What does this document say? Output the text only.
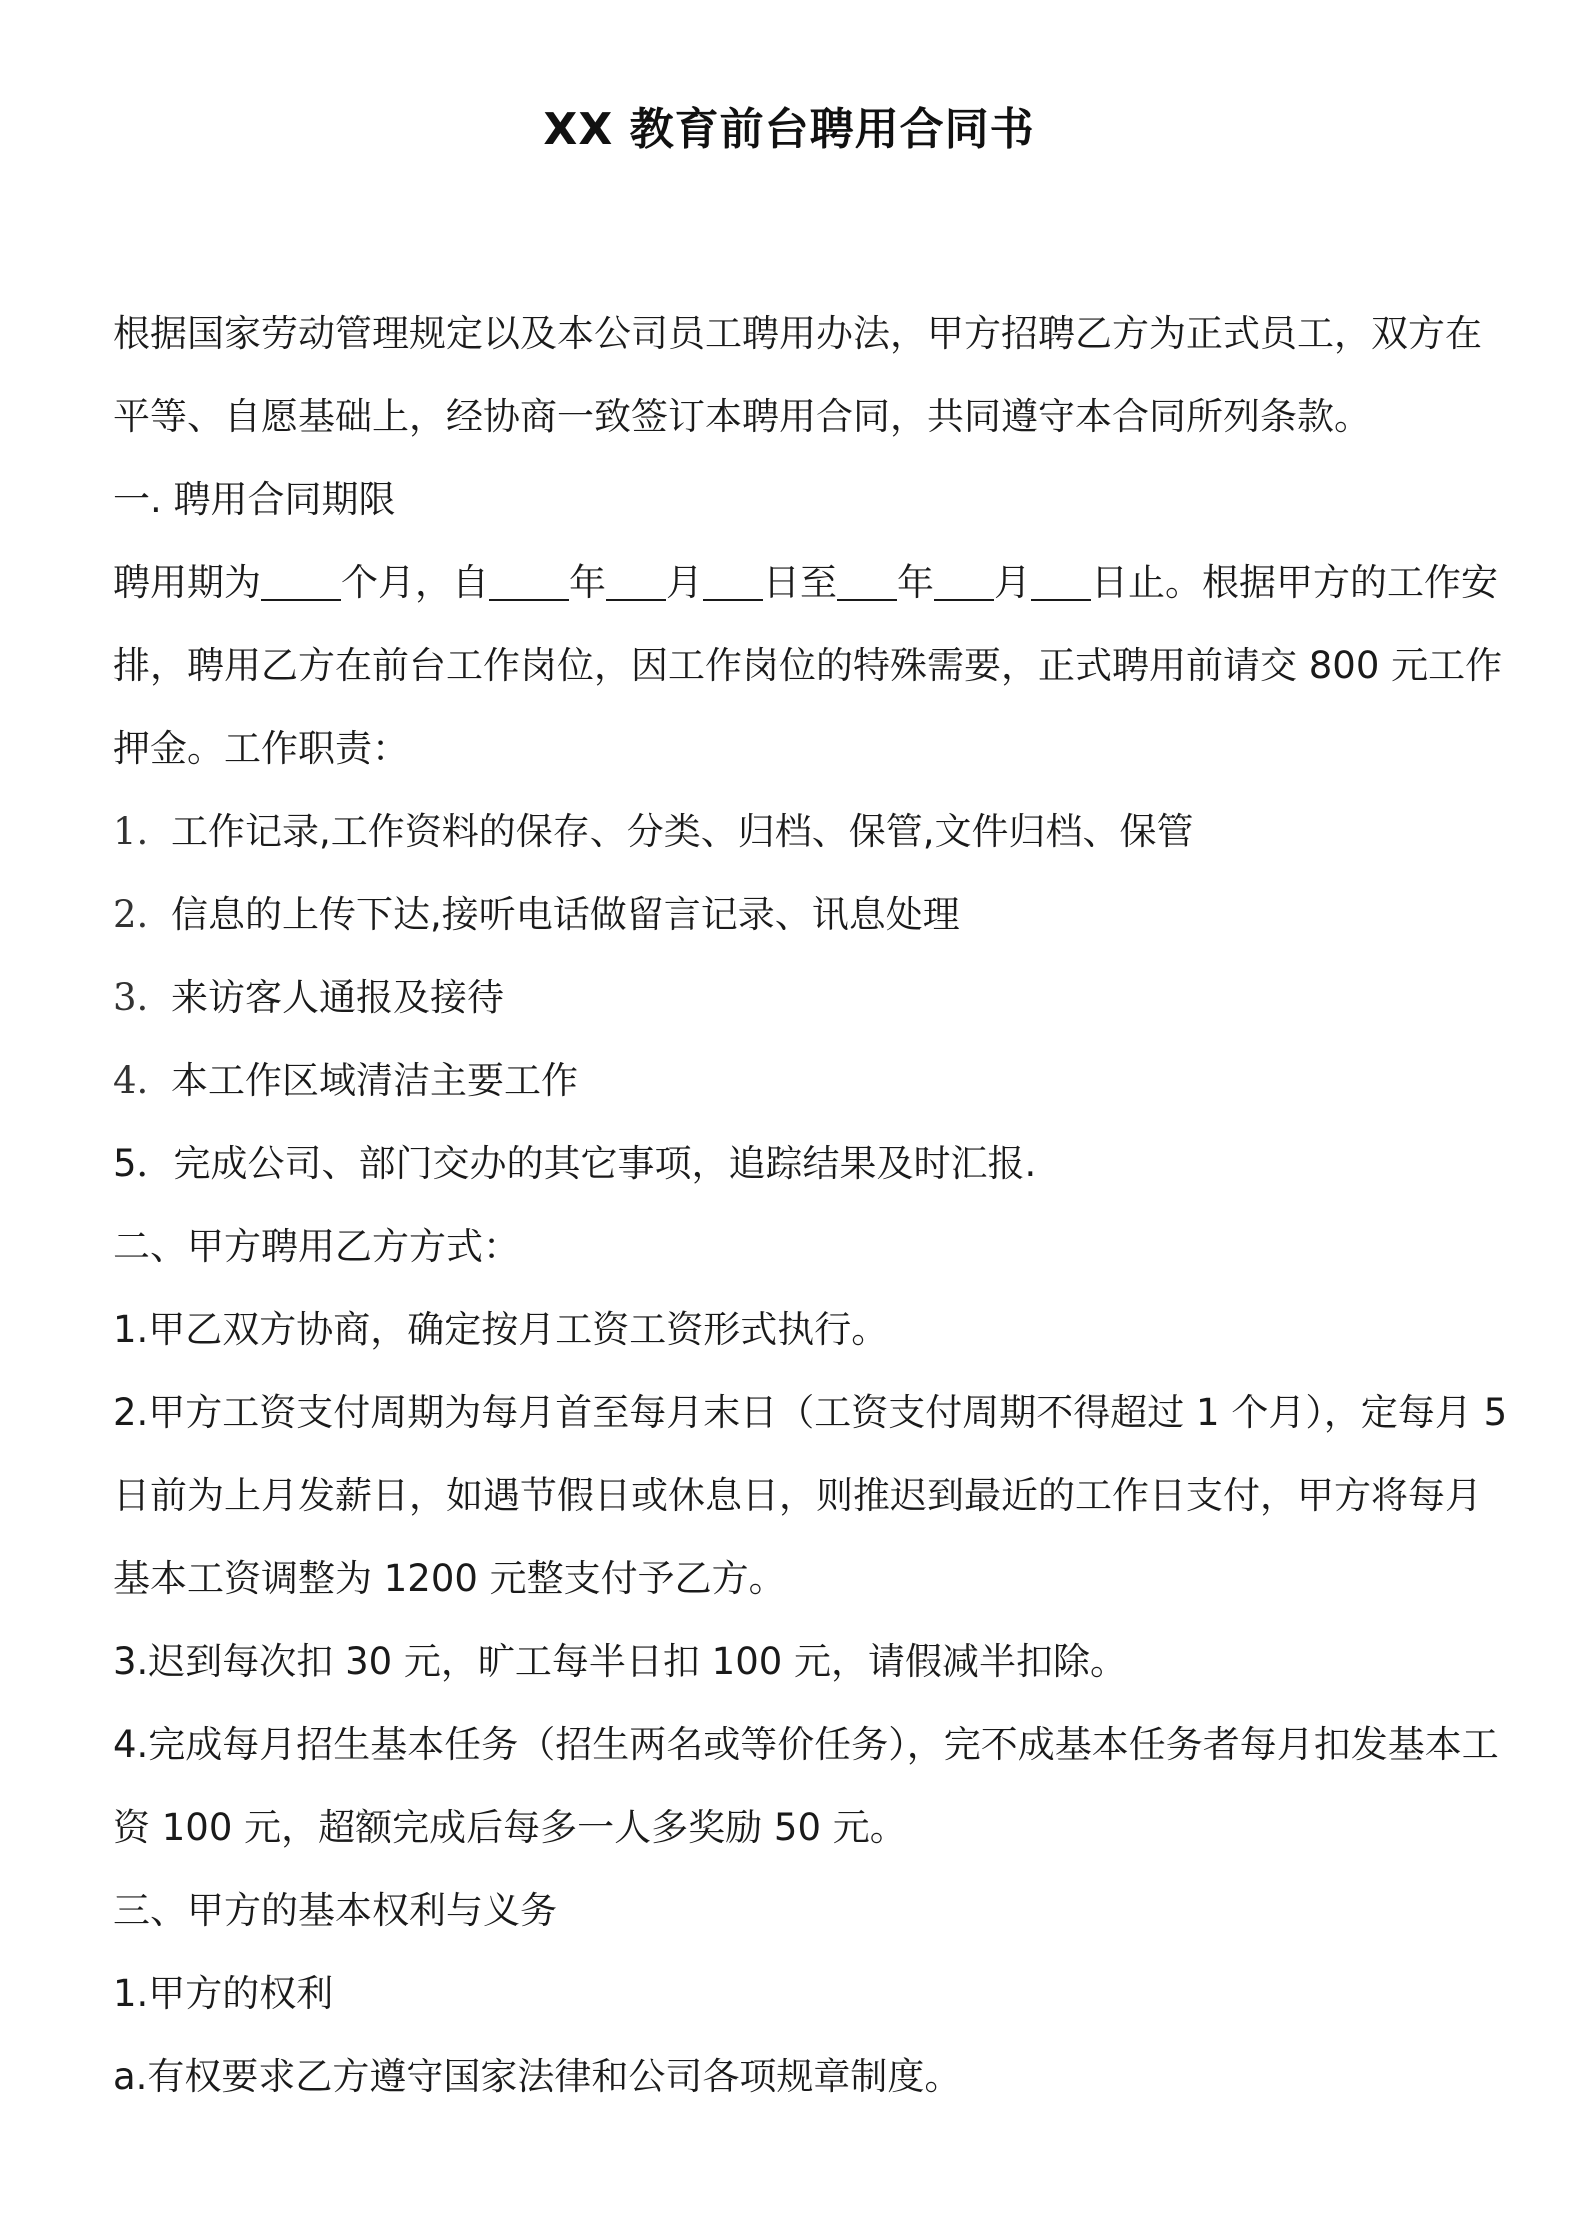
XX 教育前台聘用合同书

根据国家劳动管理规定以及本公司员工聘用办法，甲方招聘乙方为正式员工，双方在平等、自愿基础上，经协商一致签订本聘用合同，共同遵守本合同所列条款。

一. 聘用合同期限

聘用期为 个月，自 年 月 日至 年 月 日止。根据甲方的工作安排，聘用乙方在前台工作岗位，因工作岗位的特殊需要，正式聘用前请交 800 元工作押金。工作职责：

1. 工作记录,工作资料的保存、分类、归档、保管,文件归档、保管

2. 信息的上传下达,接听电话做留言记录、讯息处理

3. 来访客人通报及接待

4. 本工作区域清洁主要工作

5．完成公司、部门交办的其它事项，追踪结果及时汇报.

二、甲方聘用乙方方式：

1.甲乙双方协商，确定按月工资工资形式执行。

2.甲方工资支付周期为每月首至每月末日（工资支付周期不得超过 1 个月），定每月 5 日前为上月发薪日，如遇节假日或休息日，则推迟到最近的工作日支付，甲方将每月基本工资调整为 1200 元整支付予乙方。

3.迟到每次扣 30 元，旷工每半日扣 100 元，请假减半扣除。

4.完成每月招生基本任务（招生两名或等价任务），完不成基本任务者每月扣发基本工资 100 元，超额完成后每多一人多奖励 50 元。

三、甲方的基本权利与义务

1.甲方的权利

a.有权要求乙方遵守国家法律和公司各项规章制度。
